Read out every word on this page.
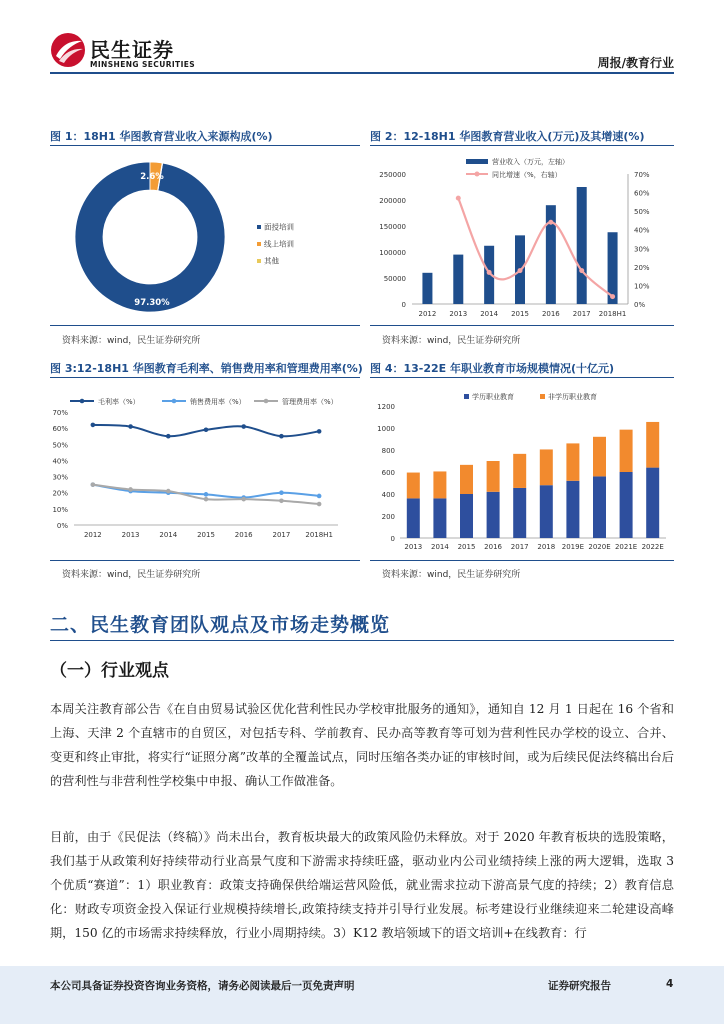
民生证券
MINSHENG SECURITIES	周报/教育行业
图 1：18H1 华图教育营业收入来源构成(%)
2.6%
97.30%
面授培训
线上培训
其他
资料来源：wind，民生证券研究所
图 2：12-18H1 华图教育营业收入(万元)及其增速(%)
营业收入（万元，左轴）
同比增速（%，右轴）
0
50000
100000
150000
200000
250000
0%
10%
20%
30%
40%
50%
60%
70%
2012 2013 2014 2015 2016 2017 2018H1
资料来源：wind，民生证券研究所
图 3:12-18H1 华图教育毛利率、销售费用率和管理费用率(%)
毛利率（%）	销售费用率（%）	管理费用率（%）
0%
10%
20%
30%
40%
50%
60%
70%
2012	2013	2014	2015	2016	2017 2018H1
资料来源：wind，民生证券研究所
图 4：13-22E 年职业教育市场规模情况(十亿元)
学历职业教育	非学历职业教育
0
200
400
600
800
1000
1200
2013 2014 2015 2016 2017 2018 2019E 2020E 2021E 2022E
资料来源：wind，民生证券研究所
二、民生教育团队观点及市场走势概览
（一）行业观点
本周关注教育部公告《在自由贸易试验区优化营利性民办学校审批服务的通知》，通知自 12 月 1 日起在 16 个省和上海、天津 2 个直辖市的自贸区，对包括专科、学前教育、民办高等教育等可划为营利性民办学校的设立、合并、变更和终止审批，将实行“证照分离”改革的全覆盖试点，同时压缩各类办证的审核时间，或为后续民促法终稿出台后的营利性与非营利性学校集中申报、确认工作做准备。
目前，由于《民促法（终稿）》尚未出台，教育板块最大的政策风险仍未释放。对于 2020 年教育板块的选股策略，我们基于从政策利好持续带动行业高景气度和下游需求持续旺盛，驱动业内公司业绩持续上涨的两大逻辑，选取 3 个优质“赛道”：1）职业教育：政策支持确保供给端运营风险低，就业需求拉动下游高景气度的持续；2）教育信息化：财政专项资金投入保证行业规模持续增长,政策持续支持并引导行业发展。标考建设行业继续迎来二轮建设高峰期，150 亿的市场需求持续释放，行业小周期持续。3）K12 教培领域下的语文培训+在线教育：行
本公司具备证券投资咨询业务资格，请务必阅读最后一页免责声明	证券研究报告	4
